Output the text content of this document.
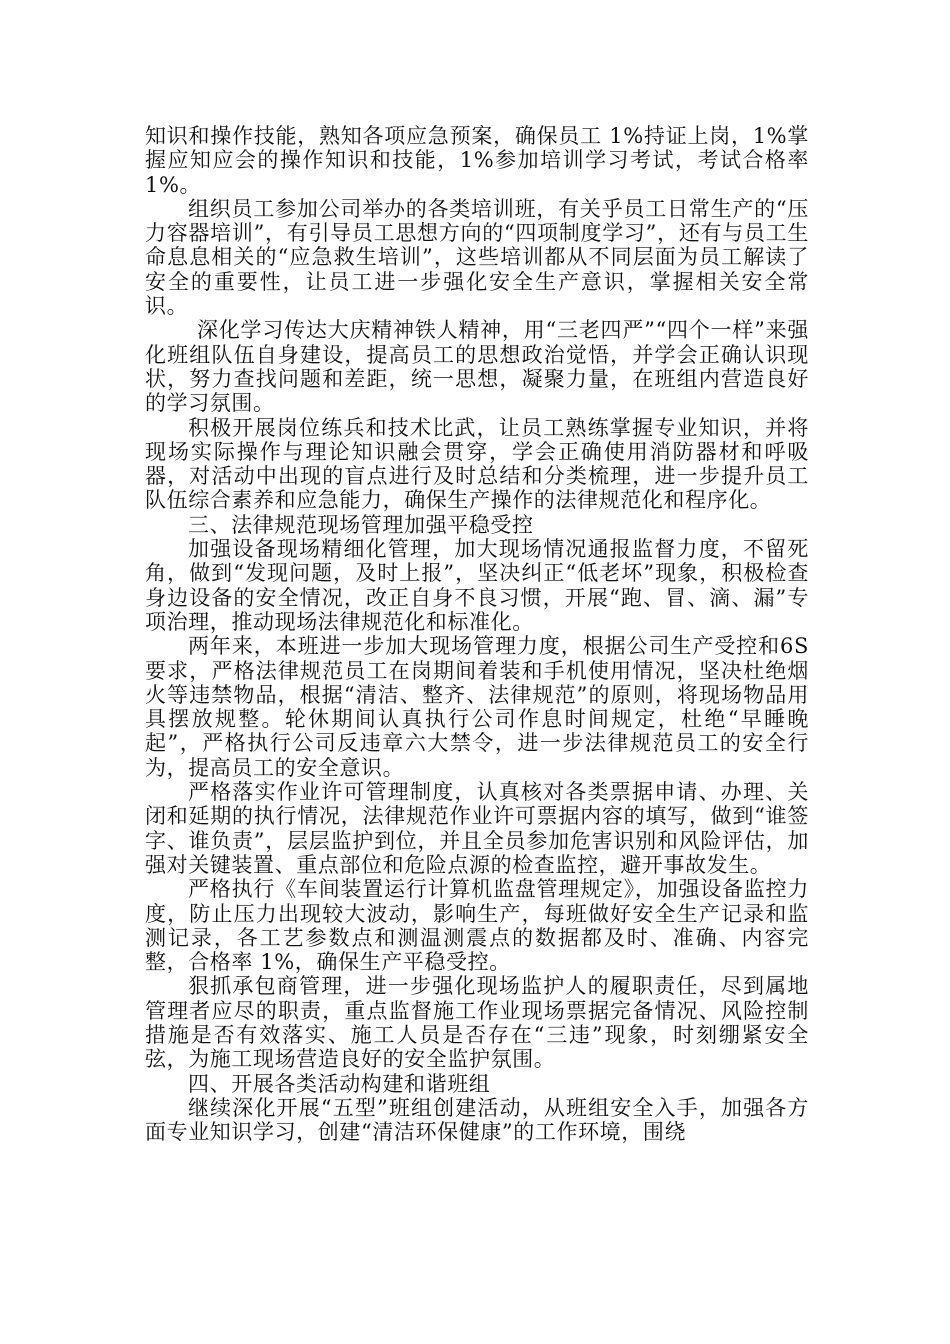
知识和操作技能，熟知各项应急预案，确保员工 1%持证上岗，1%掌握应知应会的操作知识和技能，1%参加培训学习考试，考试合格率1%。

组织员工参加公司举办的各类培训班，有关乎员工日常生产的“压力容器培训”，有引导员工思想方向的“四项制度学习”，还有与员工生命息息相关的“应急救生培训”，这些培训都从不同层面为员工解读了安全的重要性，让员工进一步强化安全生产意识，掌握相关安全常识。

深化学习传达大庆精神铁人精神，用“三老四严”“四个一样”来强化班组队伍自身建设，提高员工的思想政治觉悟，并学会正确认识现状，努力查找问题和差距，统一思想，凝聚力量，在班组内营造良好的学习氛围。

积极开展岗位练兵和技术比武，让员工熟练掌握专业知识，并将现场实际操作与理论知识融会贯穿，学会正确使用消防器材和呼吸器，对活动中出现的盲点进行及时总结和分类梳理，进一步提升员工队伍综合素养和应急能力，确保生产操作的法律规范化和程序化。

三、法律规范现场管理加强平稳受控

加强设备现场精细化管理，加大现场情况通报监督力度，不留死角，做到“发现问题，及时上报”，坚决纠正“低老坏”现象，积极检查身边设备的安全情况，改正自身不良习惯，开展“跑、冒、滴、漏”专项治理，推动现场法律规范化和标准化。

两年来，本班进一步加大现场管理力度，根据公司生产受控和6S 要求，严格法律规范员工在岗期间着装和手机使用情况，坚决杜绝烟火等违禁物品，根据“清洁、整齐、法律规范”的原则，将现场物品用具摆放规整。轮休期间认真执行公司作息时间规定，杜绝“早睡晚起”，严格执行公司反违章六大禁令，进一步法律规范员工的安全行为，提高员工的安全意识。

严格落实作业许可管理制度，认真核对各类票据申请、办理、关闭和延期的执行情况，法律规范作业许可票据内容的填写，做到“谁签字、谁负责”，层层监护到位，并且全员参加危害识别和风险评估，加强对关键装置、重点部位和危险点源的检查监控，避开事故发生。

严格执行《车间装置运行计算机监盘管理规定》，加强设备监控力度，防止压力出现较大波动，影响生产，每班做好安全生产记录和监测记录，各工艺参数点和测温测震点的数据都及时、准确、内容完整，合格率 1%，确保生产平稳受控。

狠抓承包商管理，进一步强化现场监护人的履职责任，尽到属地管理者应尽的职责，重点监督施工作业现场票据完备情况、风险控制措施是否有效落实、施工人员是否存在“三违”现象，时刻绷紧安全弦，为施工现场营造良好的安全监护氛围。

四、开展各类活动构建和谐班组

继续深化开展“五型”班组创建活动，从班组安全入手，加强各方面专业知识学习，创建“清洁环保健康”的工作环境，围绕
